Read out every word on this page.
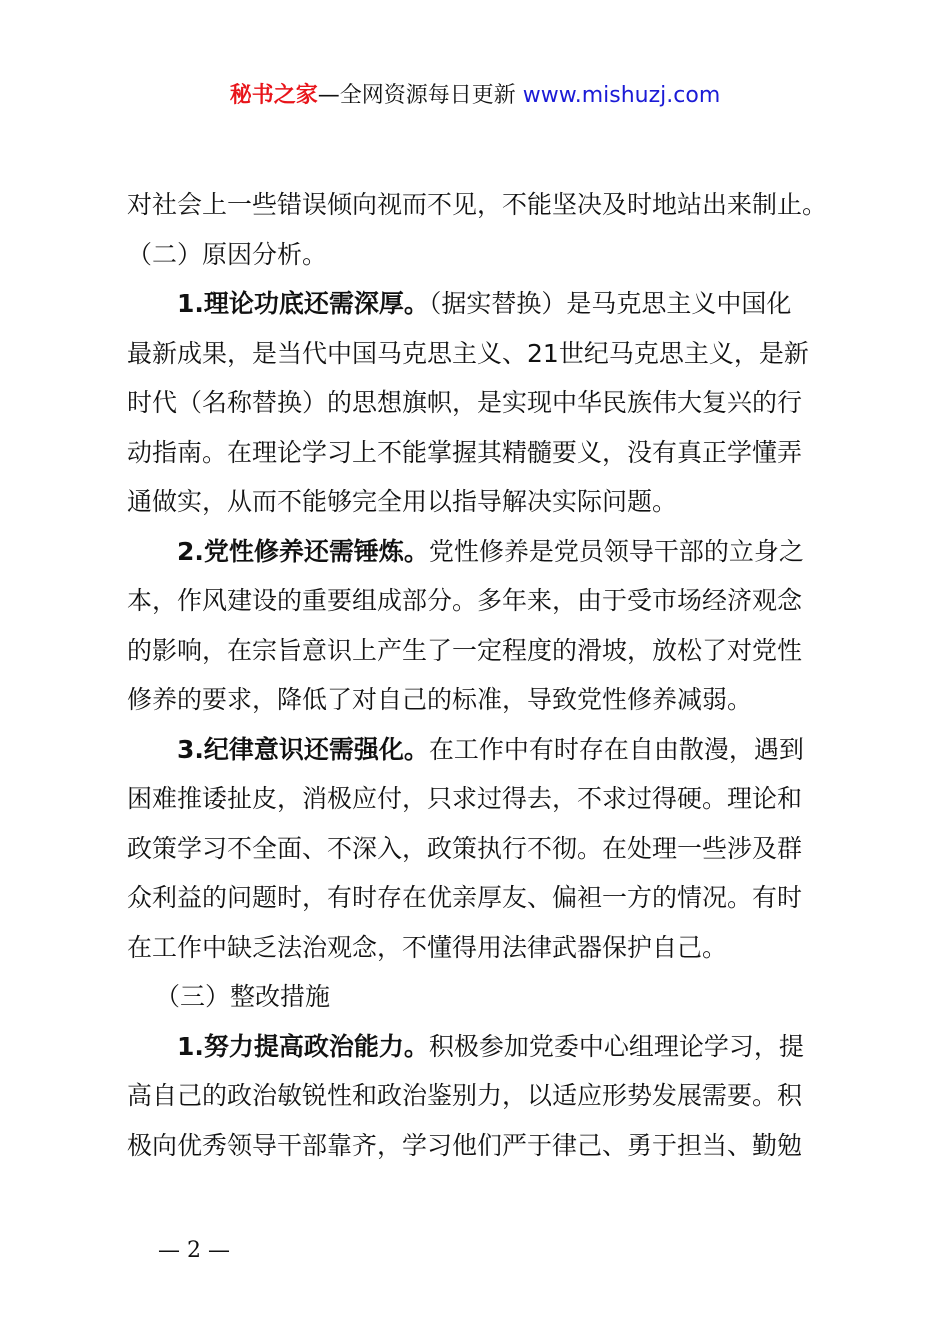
秘书之家—全网资源每日更新 www.mishuzj.com
对社会上一些错误倾向视而不见，不能坚决及时地站出来制止。
（二）原因分析。
1.理论功底还需深厚。（据实替换）是马克思主义中国化
最新成果，是当代中国马克思主义、21世纪马克思主义，是新
时代（名称替换）的思想旗帜，是实现中华民族伟大复兴的行
动指南。在理论学习上不能掌握其精髓要义，没有真正学懂弄
通做实，从而不能够完全用以指导解决实际问题。
2.党性修养还需锤炼。党性修养是党员领导干部的立身之
本，作风建设的重要组成部分。多年来，由于受市场经济观念
的影响，在宗旨意识上产生了一定程度的滑坡，放松了对党性
修养的要求，降低了对自己的标准，导致党性修养减弱。
3.纪律意识还需强化。在工作中有时存在自由散漫，遇到
困难推诿扯皮，消极应付，只求过得去，不求过得硬。理论和
政策学习不全面、不深入，政策执行不彻。在处理一些涉及群
众利益的问题时，有时存在优亲厚友、偏袒一方的情况。有时
在工作中缺乏法治观念，不懂得用法律武器保护自己。
（三）整改措施
1.努力提高政治能力。积极参加党委中心组理论学习，提
高自己的政治敏锐性和政治鉴别力，以适应形势发展需要。积
极向优秀领导干部靠齐，学习他们严于律己、勇于担当、勤勉
— 2 —
